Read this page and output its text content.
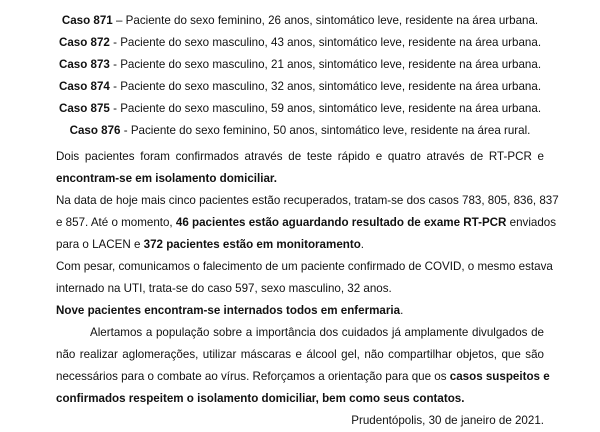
Caso 871 – Paciente do sexo feminino, 26 anos, sintomático leve, residente na área urbana.
Caso 872 - Paciente do sexo masculino, 43 anos, sintomático leve, residente na área urbana.
Caso 873 - Paciente do sexo masculino, 21 anos, sintomático leve, residente na área urbana.
Caso 874 - Paciente do sexo masculino, 32 anos, sintomático leve, residente na área urbana.
Caso 875 - Paciente do sexo masculino, 59 anos, sintomático leve, residente na área urbana.
Caso 876 - Paciente do sexo feminino, 50 anos, sintomático leve, residente na área rural.
Dois pacientes foram confirmados através de teste rápido e quatro através de RT-PCR e
encontram-se em isolamento domiciliar.
Na data de hoje mais cinco pacientes estão recuperados, tratam-se dos casos 783, 805, 836, 837
e 857. Até o momento, 46 pacientes estão aguardando resultado de exame RT-PCR enviados
para o LACEN e 372 pacientes estão em monitoramento.
Com pesar, comunicamos o falecimento de um paciente confirmado de COVID, o mesmo estava
internado na UTI, trata-se do caso 597, sexo masculino, 32 anos.
Nove pacientes encontram-se internados todos em enfermaria.
Alertamos a população sobre a importância dos cuidados já amplamente divulgados de
não realizar aglomerações, utilizar máscaras e álcool gel, não compartilhar objetos, que são
necessários para o combate ao vírus. Reforçamos a orientação para que os casos suspeitos e
confirmados respeitem o isolamento domiciliar, bem como seus contatos.
Prudentópolis, 30 de janeiro de 2021.
